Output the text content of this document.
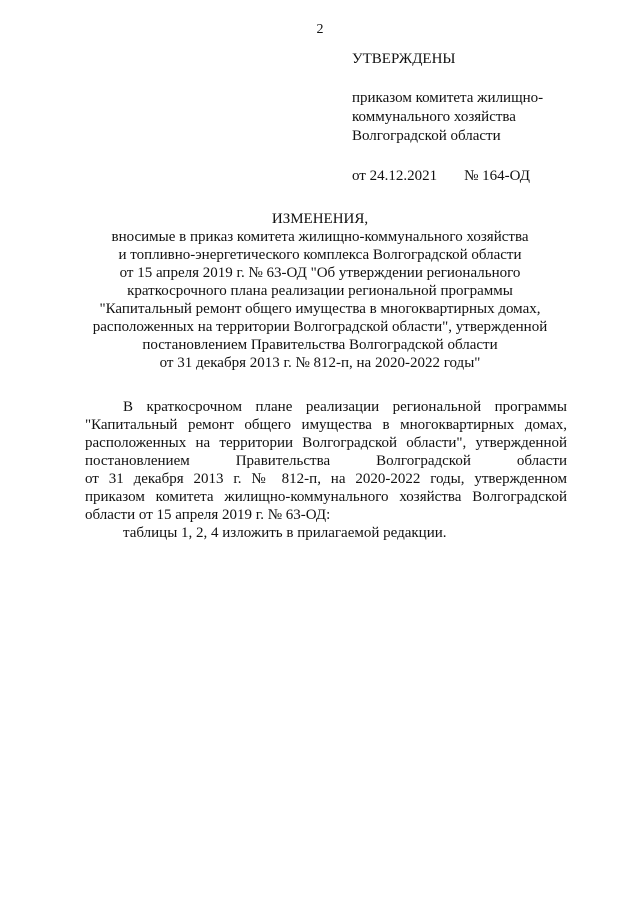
2
УТВЕРЖДЕНЫ
приказом комитета жилищно-
коммунального хозяйства
Волгоградской области
от 24.12.2021 № 164-ОД
ИЗМЕНЕНИЯ,
вносимые в приказ комитета жилищно-коммунального хозяйства
и топливно-энергетического комплекса Волгоградской области
от 15 апреля 2019 г. № 63-ОД "Об утверждении регионального
краткосрочного плана реализации региональной программы
"Капитальный ремонт общего имущества в многоквартирных домах,
расположенных на территории Волгоградской области", утвержденной
постановлением Правительства Волгоградской области
от 31 декабря 2013 г. № 812-п, на 2020-2022 годы"
В краткосрочном плане реализации региональной программы
"Капитальный ремонт общего имущества в многоквартирных домах,
расположенных на территории Волгоградской области", утвержденной
постановлением Правительства Волгоградской области
от 31 декабря 2013 г. № 812-п, на 2020-2022 годы, утвержденном
приказом комитета жилищно-коммунального хозяйства Волгоградской
области от 15 апреля 2019 г. № 63-ОД:
таблицы 1, 2, 4 изложить в прилагаемой редакции.
